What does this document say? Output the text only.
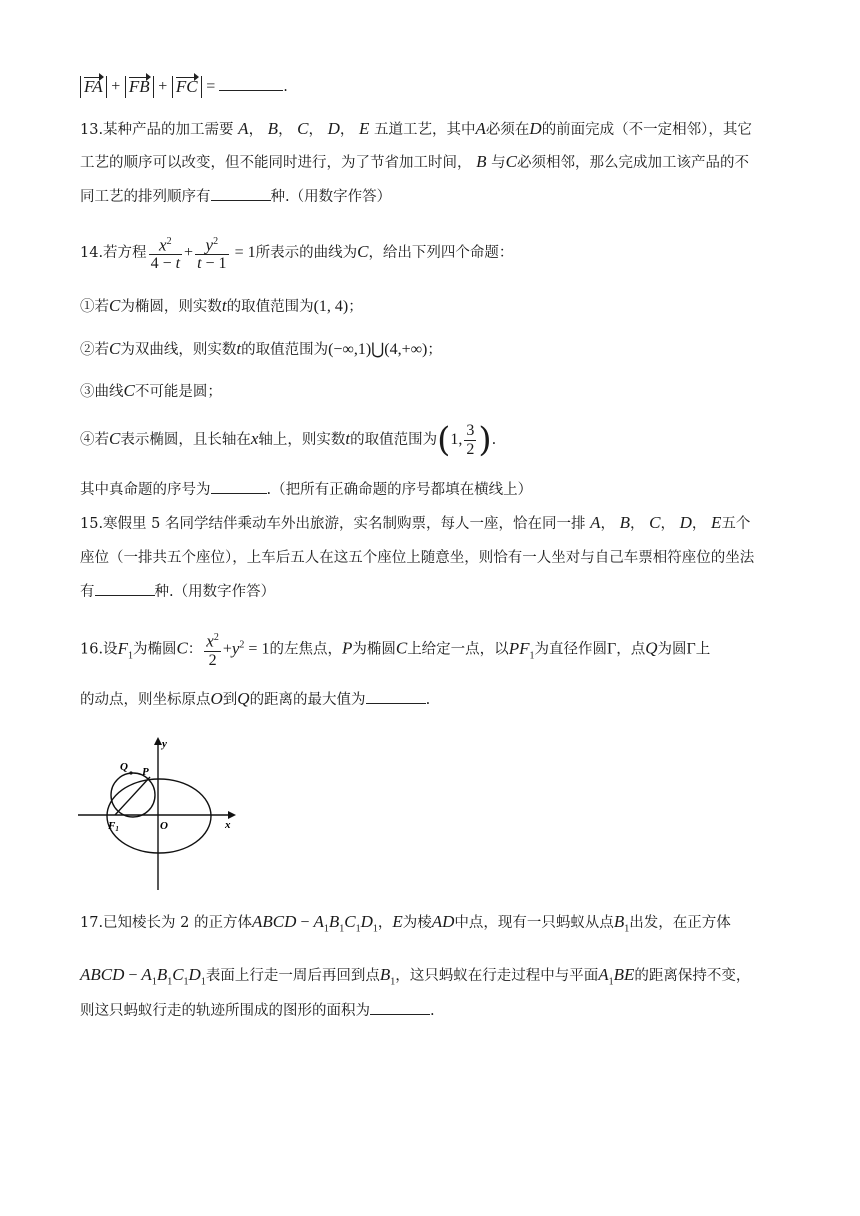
FA + FB + FC =	.
13.某种产品的加工需要 A， B， C， D， E 五道工艺，其中A必须在D的前面完成（不一定相邻），其它
工艺的顺序可以改变，但不能同时进行，为了节省加工时间， B 与C必须相邻，那么完成加工该产品的不
同工艺的排列顺序有	种.（用数字作答）
14.若方程 $\frac{x^2}{4 - t} + \frac{y^2}{t - 1} = 1$所表示的曲线为C，给出下列四个命题：
①若C为椭圆，则实数t的取值范围为(1, 4)；
②若C为双曲线，则实数t的取值范围为(−∞,1)⋃(4,+∞)；
③曲线C不可能是圆；
④若C表示椭圆，且长轴在x轴上，则实数t的取值范围为(1, $\frac{3}{2}$ ).
其中真命题的序号为	.（把所有正确命题的序号都填在横线上）
15.寒假里 5 名同学结伴乘动车外出旅游，实名制购票，每人一座，恰在同一排 A， B， C， D， E五个
座位（一排共五个座位），上车后五人在这五个座位上随意坐，则恰有一人坐对与自己车票相符座位的坐法
有	种.（用数字作答）
16.设$F_1$为椭圆C： $\frac{x^2}{2} +y^2 = 1$的左焦点，P为椭圆C上给定一点，以$PF_1$为直径作圆Γ，点Q为圆Γ上
的动点，则坐标原点O到Q的距离的最大值为	.
y
x
O
P
Q
F1
17.已知棱长为 2 的正方体ABCD − $A_1B_1C_1D_1$，E为棱AD中点，现有一只蚂蚁从点$B_1$出发，在正方体
ABCD − $A_1B_1C_1D_1$表面上行走一周后再回到点$B_1$，这只蚂蚁在行走过程中与平面$A_1BE$的距离保持不变，
则这只蚂蚁行走的轨迹所围成的图形的面积为	.
